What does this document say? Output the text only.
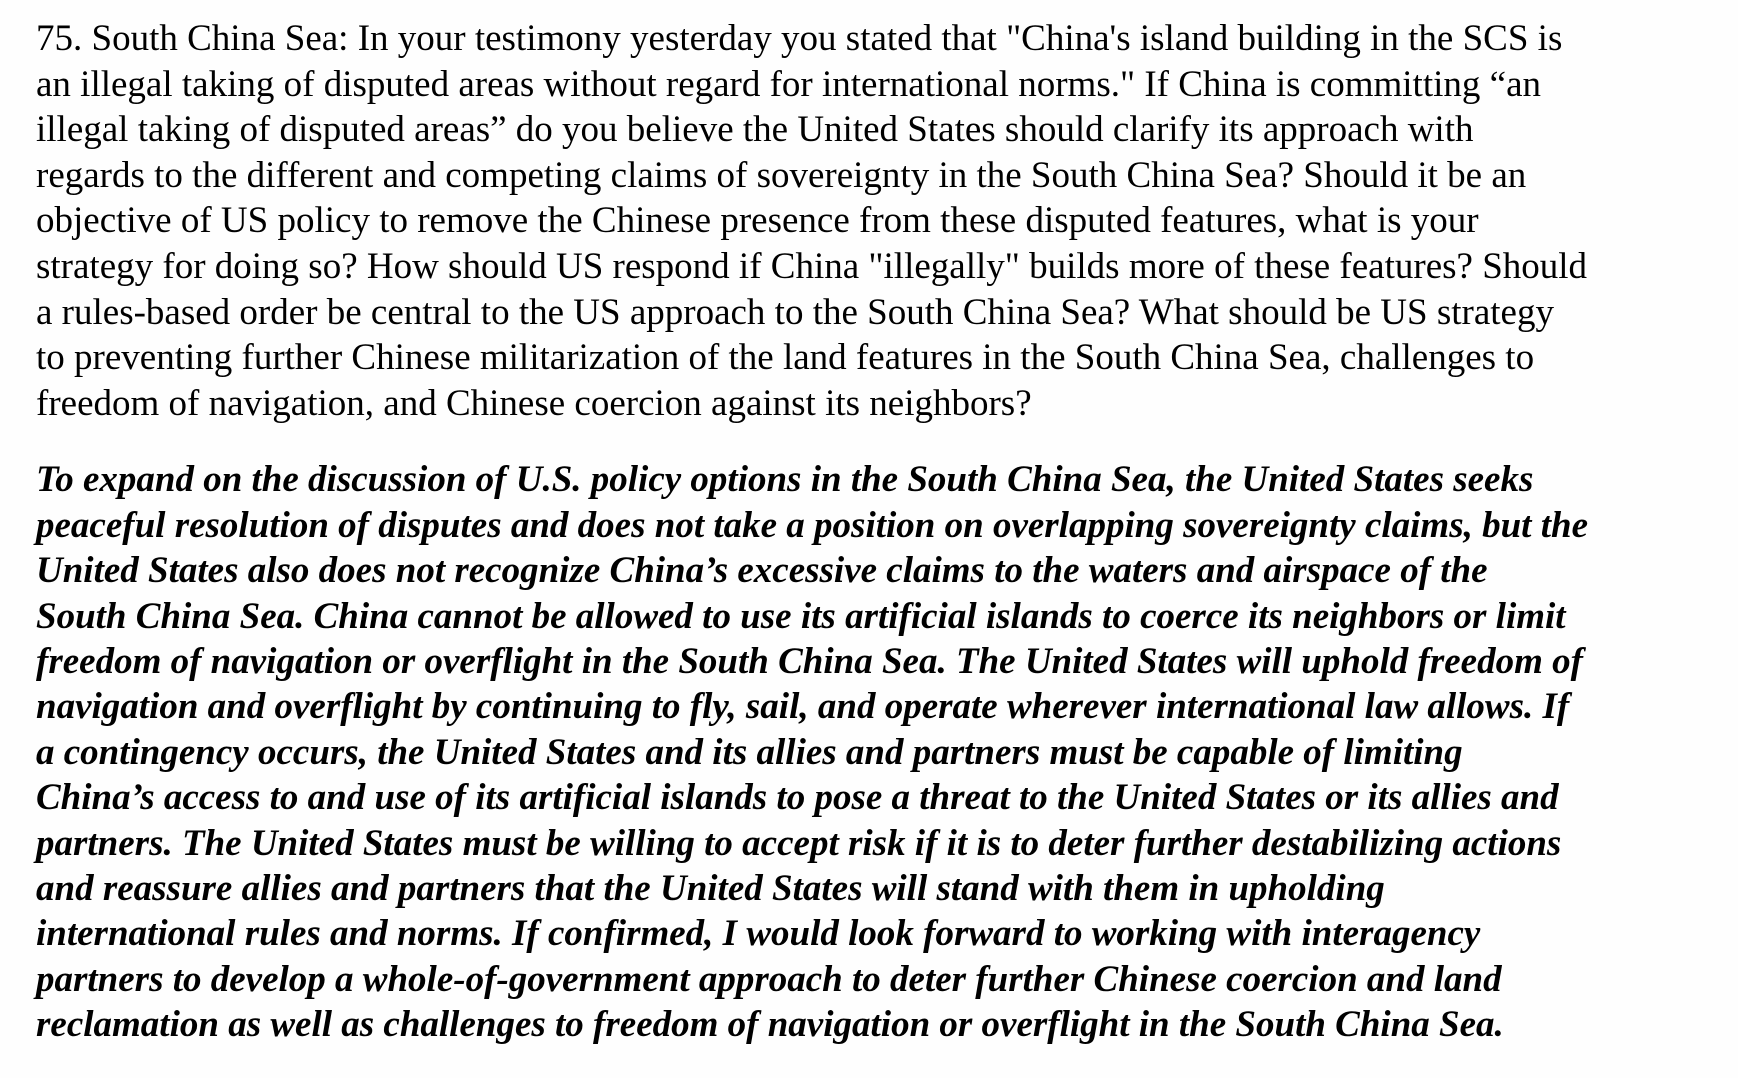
75. South China Sea: In your testimony yesterday you stated that "China's island building in the SCS is
an illegal taking of disputed areas without regard for international norms." If China is committing “an
illegal taking of disputed areas” do you believe the United States should clarify its approach with
regards to the different and competing claims of sovereignty in the South China Sea? Should it be an
objective of US policy to remove the Chinese presence from these disputed features, what is your
strategy for doing so? How should US respond if China "illegally" builds more of these features? Should
a rules-based order be central to the US approach to the South China Sea? What should be US strategy
to preventing further Chinese militarization of the land features in the South China Sea, challenges to
freedom of navigation, and Chinese coercion against its neighbors?
To expand on the discussion of U.S. policy options in the South China Sea, the United States seeks
peaceful resolution of disputes and does not take a position on overlapping sovereignty claims, but the
United States also does not recognize China’s excessive claims to the waters and airspace of the
South China Sea. China cannot be allowed to use its artificial islands to coerce its neighbors or limit
freedom of navigation or overflight in the South China Sea. The United States will uphold freedom of
navigation and overflight by continuing to fly, sail, and operate wherever international law allows. If
a contingency occurs, the United States and its allies and partners must be capable of limiting
China’s access to and use of its artificial islands to pose a threat to the United States or its allies and
partners. The United States must be willing to accept risk if it is to deter further destabilizing actions
and reassure allies and partners that the United States will stand with them in upholding
international rules and norms. If confirmed, I would look forward to working with interagency
partners to develop a whole-of-government approach to deter further Chinese coercion and land
reclamation as well as challenges to freedom of navigation or overflight in the South China Sea.
